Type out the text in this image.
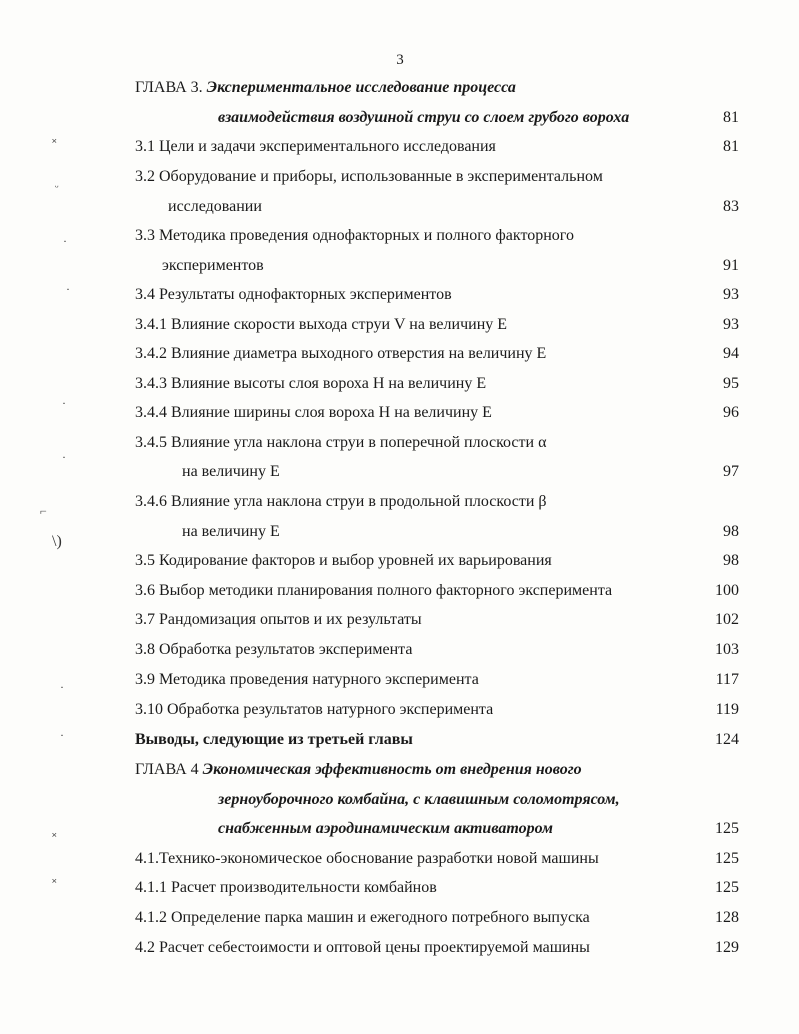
3
ГЛАВА 3. Экспериментальное исследование процесса
взаимодействия воздушной струи со слоем грубого вороха	81
3.1 Цели и задачи экспериментального исследования	81
3.2 Оборудование и приборы, использованные в экспериментальном
исследовании	83
3.3 Методика проведения однофакторных и полного факторного
экспериментов	91
3.4 Результаты однофакторных экспериментов	93
3.4.1 Влияние скорости выхода струи V на величину E	93
3.4.2 Влияние диаметра выходного отверстия на величину E	94
3.4.3 Влияние высоты слоя вороха H на величину E	95
3.4.4 Влияние ширины слоя вороха H на величину E	96
3.4.5 Влияние угла наклона струи в поперечной плоскости α
на величину E	97
3.4.6 Влияние угла наклона струи в продольной плоскости β
на величину E	98
3.5 Кодирование факторов и выбор уровней их варьирования	98
3.6 Выбор методики планирования полного факторного эксперимента	100
3.7 Рандомизация опытов и их результаты	102
3.8 Обработка результатов эксперимента	103
3.9 Методика проведения натурного эксперимента	117
3.10 Обработка результатов натурного эксперимента	119
Выводы, следующие из третьей главы	124
ГЛАВА 4 Экономическая эффективность от внедрения нового
зерноуборочного комбайна, с клавишным соломотрясом,
снабженным аэродинамическим активатором	125
4.1.Технико-экономическое обоснование разработки новой машины	125
4.1.1 Расчет производительности комбайнов	125
4.1.2 Определение парка машин и ежегодного потребного выпуска	128
4.2 Расчет себестоимости и оптовой цены проектируемой машины	129
˟
ᵕ
·
·
·
·
⌐
\)
·
·
˟
˟
